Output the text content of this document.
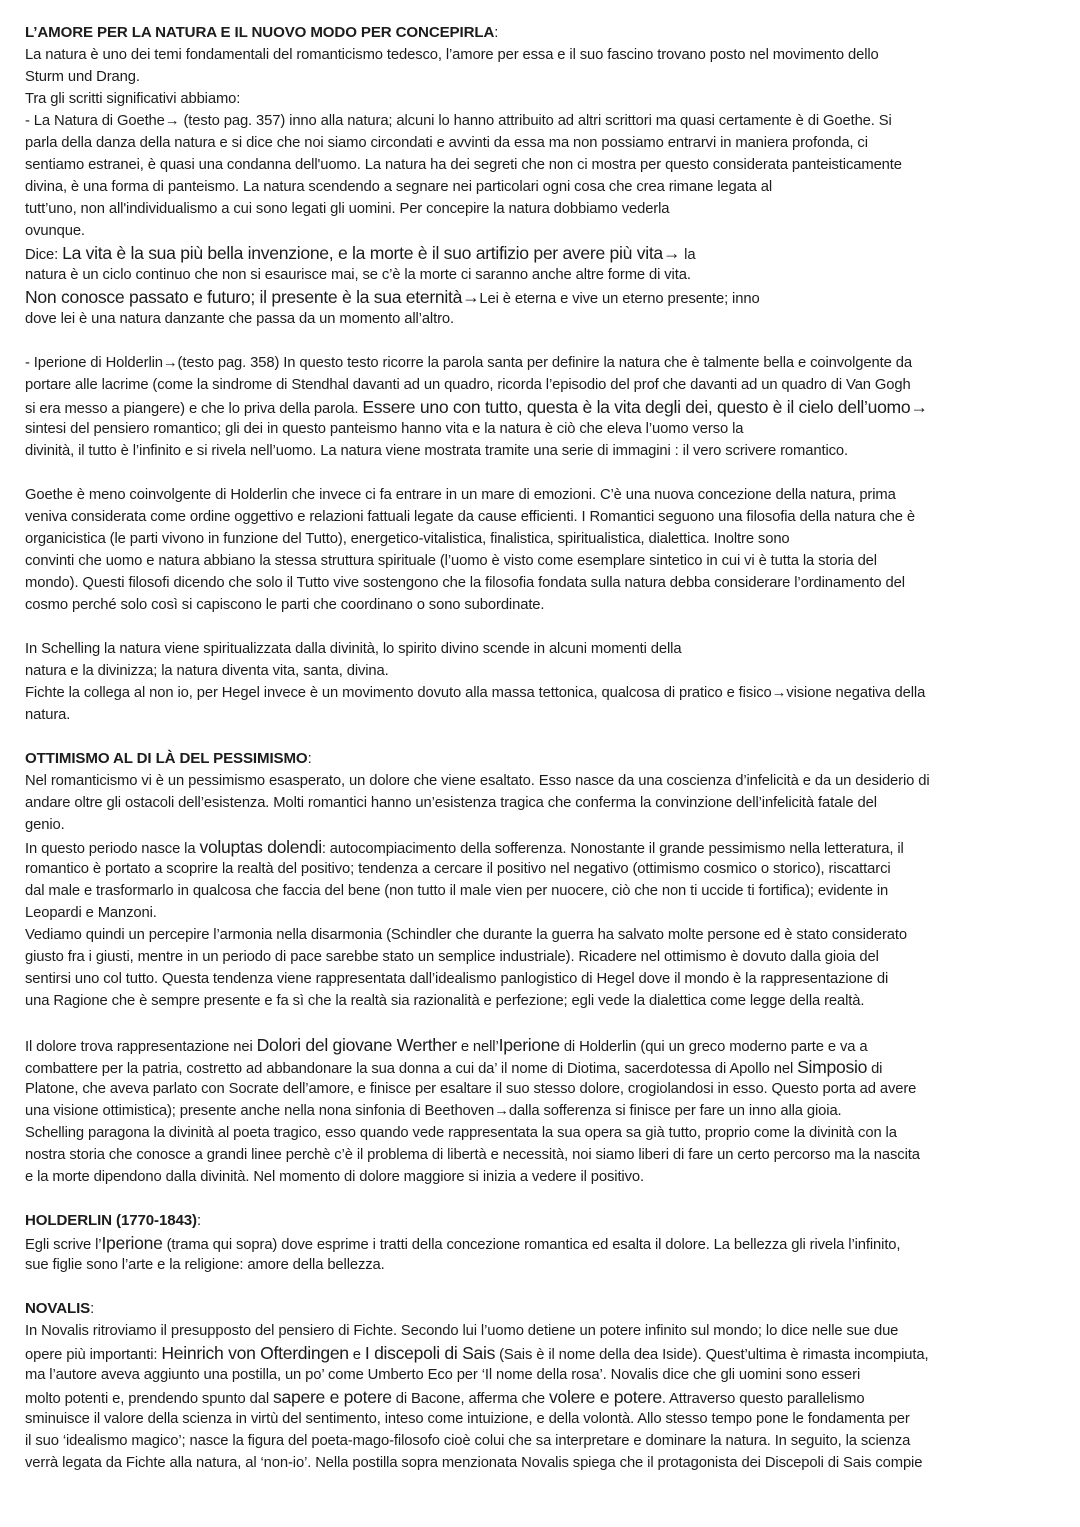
L’AMORE PER LA NATURA E IL NUOVO MODO PER CONCEPIRLA:
La natura è uno dei temi fondamentali del romanticismo tedesco, l’amore per essa e il suo fascino trovano posto nel movimento dello
Sturm und Drang.
Tra gli scritti significativi abbiamo:
- La Natura di Goethe→ (testo pag. 357) inno alla natura; alcuni lo hanno attribuito ad altri scrittori ma quasi certamente è di Goethe. Si
parla della danza della natura e si dice che noi siamo circondati e avvinti da essa ma non possiamo entrarvi in maniera profonda, ci
sentiamo estranei, è quasi una condanna dell'uomo. La natura ha dei segreti che non ci mostra per questo considerata panteisticamente
divina, è una forma di panteismo. La natura scendendo a segnare nei particolari ogni cosa che crea rimane legata al
tutt’uno, non all'individualismo a cui sono legati gli uomini. Per concepire la natura dobbiamo vederla
ovunque.
Dice: La vita è la sua più bella invenzione, e la morte è il suo artifizio per avere più vita→ la
natura è un ciclo continuo che non si esaurisce mai, se c’è la morte ci saranno anche altre forme di vita.
Non conosce passato e futuro; il presente è la sua eternità→Lei è eterna e vive un eterno presente; inno
dove lei è una natura danzante che passa da un momento all’altro.
- Iperione di Holderlin→(testo pag. 358) In questo testo ricorre la parola santa per definire la natura che è talmente bella e coinvolgente da
portare alle lacrime (come la sindrome di Stendhal davanti ad un quadro, ricorda l’episodio del prof che davanti ad un quadro di Van Gogh
si era messo a piangere) e che lo priva della parola. Essere uno con tutto, questa è la vita degli dei, questo è il cielo dell’uomo→
sintesi del pensiero romantico; gli dei in questo panteismo hanno vita e la natura è ciò che eleva l’uomo verso la
divinità, il tutto è l’infinito e si rivela nell’uomo. La natura viene mostrata tramite una serie di immagini : il vero scrivere romantico.
Goethe è meno coinvolgente di Holderlin che invece ci fa entrare in un mare di emozioni. C’è una nuova concezione della natura, prima
veniva considerata come ordine oggettivo e relazioni fattuali legate da cause efficienti. I Romantici seguono una filosofia della natura che è
organicistica (le parti vivono in funzione del Tutto), energetico-vitalistica, finalistica, spiritualistica, dialettica. Inoltre sono
convinti che uomo e natura abbiano la stessa struttura spirituale (l’uomo è visto come esemplare sintetico in cui vi è tutta la storia del
mondo). Questi filosofi dicendo che solo il Tutto vive sostengono che la filosofia fondata sulla natura debba considerare l’ordinamento del
cosmo perché solo così si capiscono le parti che coordinano o sono subordinate.
In Schelling la natura viene spiritualizzata dalla divinità, lo spirito divino scende in alcuni momenti della
natura e la divinizza; la natura diventa vita, santa, divina.
Fichte la collega al non io, per Hegel invece è un movimento dovuto alla massa tettonica, qualcosa di pratico e fisico→visione negativa della
natura.
OTTIMISMO AL DI LÀ DEL PESSIMISMO:
Nel romanticismo vi è un pessimismo esasperato, un dolore che viene esaltato. Esso nasce da una coscienza d’infelicità e da un desiderio di
andare oltre gli ostacoli dell’esistenza. Molti romantici hanno un’esistenza tragica che conferma la convinzione dell’infelicità fatale del
genio.
In questo periodo nasce la voluptas dolendi: autocompiacimento della sofferenza. Nonostante il grande pessimismo nella letteratura, il
romantico è portato a scoprire la realtà del positivo; tendenza a cercare il positivo nel negativo (ottimismo cosmico o storico), riscattarci
dal male e trasformarlo in qualcosa che faccia del bene (non tutto il male vien per nuocere, ciò che non ti uccide ti fortifica); evidente in
Leopardi e Manzoni.
Vediamo quindi un percepire l’armonia nella disarmonia (Schindler che durante la guerra ha salvato molte persone ed è stato considerato
giusto fra i giusti, mentre in un periodo di pace sarebbe stato un semplice industriale). Ricadere nel ottimismo è dovuto dalla gioia del
sentirsi uno col tutto. Questa tendenza viene rappresentata dall’idealismo panlogistico di Hegel dove il mondo è la rappresentazione di
una Ragione che è sempre presente e fa sì che la realtà sia razionalità e perfezione; egli vede la dialettica come legge della realtà.
Il dolore trova rappresentazione nei Dolori del giovane Werther e nell’Iperione di Holderlin (qui un greco moderno parte e va a
combattere per la patria, costretto ad abbandonare la sua donna a cui da’ il nome di Diotima, sacerdotessa di Apollo nel Simposio di
Platone, che aveva parlato con Socrate dell’amore, e finisce per esaltare il suo stesso dolore, crogiolandosi in esso. Questo porta ad avere
una visione ottimistica); presente anche nella nona sinfonia di Beethoven→dalla sofferenza si finisce per fare un inno alla gioia.
Schelling paragona la divinità al poeta tragico, esso quando vede rappresentata la sua opera sa già tutto, proprio come la divinità con la
nostra storia che conosce a grandi linee perchè c’è il problema di libertà e necessità, noi siamo liberi di fare un certo percorso ma la nascita
e la morte dipendono dalla divinità. Nel momento di dolore maggiore si inizia a vedere il positivo.
HOLDERLIN (1770-1843):
Egli scrive l’Iperione (trama qui sopra) dove esprime i tratti della concezione romantica ed esalta il dolore. La bellezza gli rivela l’infinito,
sue figlie sono l’arte e la religione: amore della bellezza.
NOVALIS:
In Novalis ritroviamo il presupposto del pensiero di Fichte. Secondo lui l’uomo detiene un potere infinito sul mondo; lo dice nelle sue due
opere più importanti: Heinrich von Ofterdingen e I discepoli di Sais (Sais è il nome della dea Iside). Quest’ultima è rimasta incompiuta,
ma l’autore aveva aggiunto una postilla, un po’ come Umberto Eco per ‘Il nome della rosa’. Novalis dice che gli uomini sono esseri
molto potenti e, prendendo spunto dal sapere e potere di Bacone, afferma che volere e potere. Attraverso questo parallelismo
sminuisce il valore della scienza in virtù del sentimento, inteso come intuizione, e della volontà. Allo stesso tempo pone le fondamenta per
il suo ‘idealismo magico’; nasce la figura del poeta-mago-filosofo cioè colui che sa interpretare e dominare la natura. In seguito, la scienza
verrà legata da Fichte alla natura, al ‘non-io’. Nella postilla sopra menzionata Novalis spiega che il protagonista dei Discepoli di Sais compie
